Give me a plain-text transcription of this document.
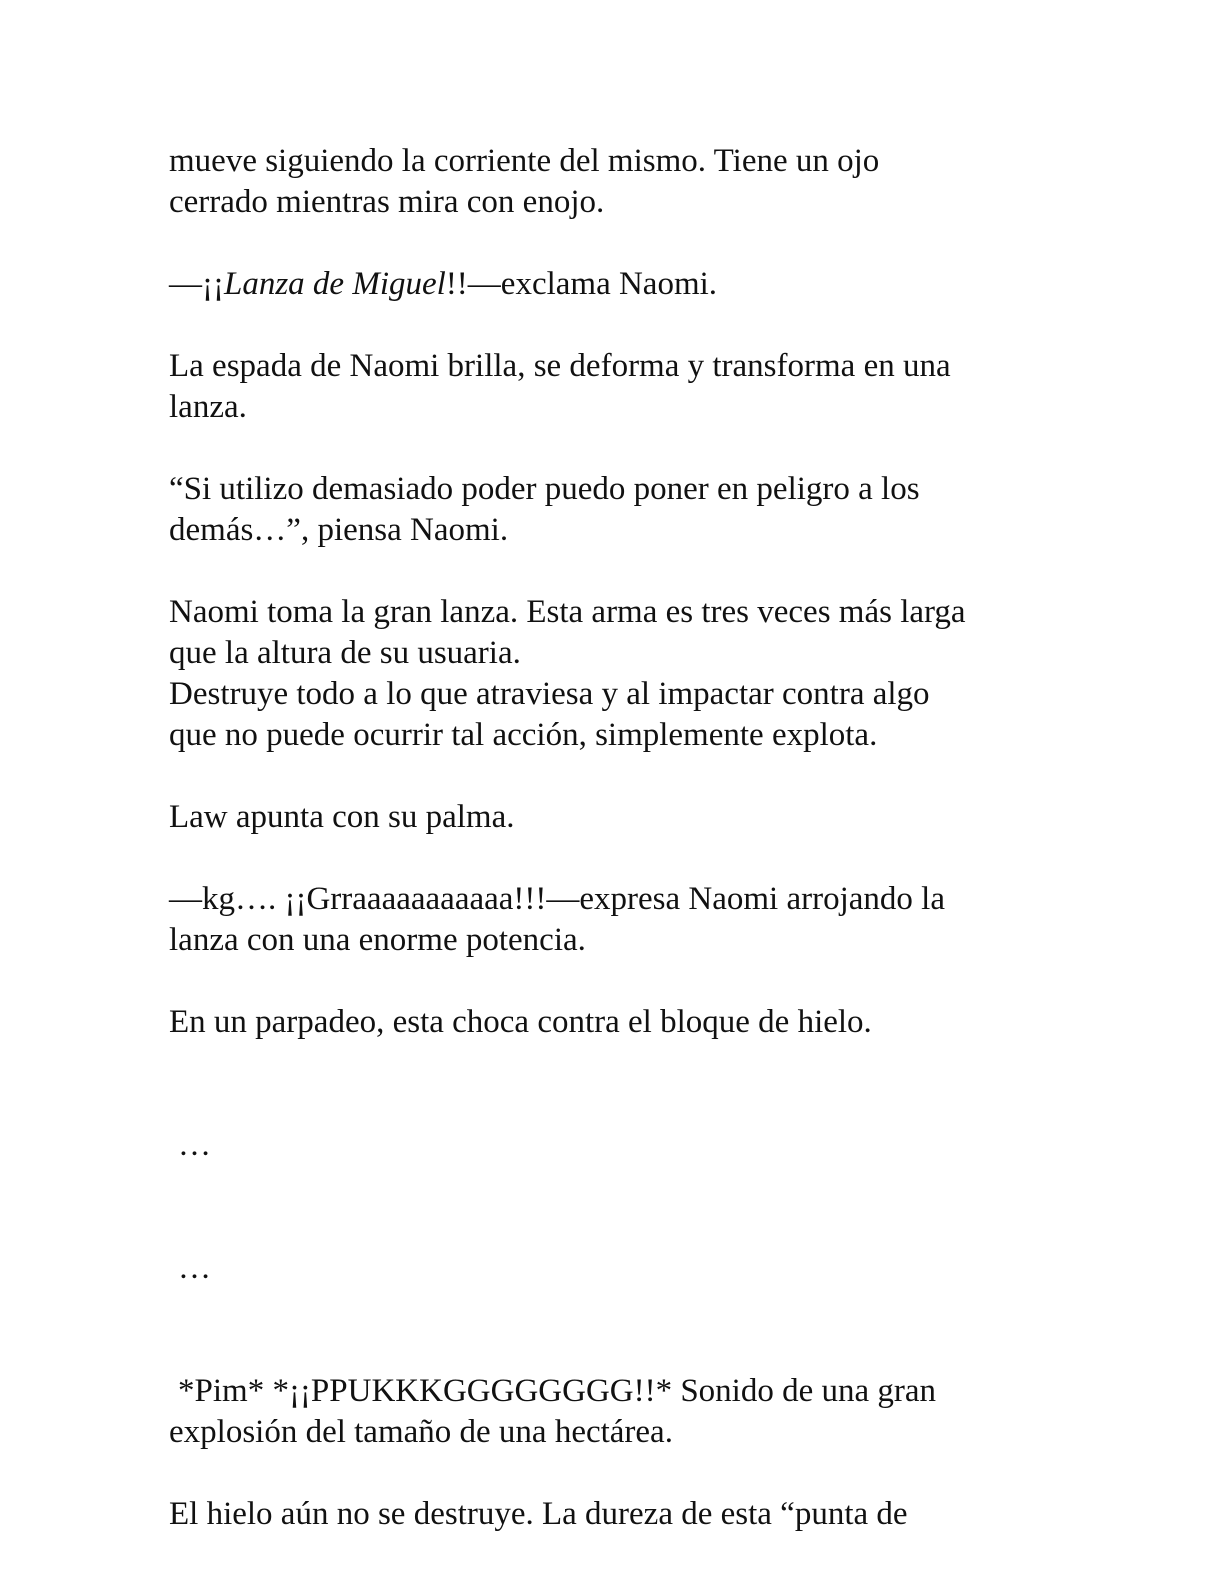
mueve siguiendo la corriente del mismo. Tiene un ojo
cerrado mientras mira con enojo.

—¡¡Lanza de Miguel!!—exclama Naomi.

La espada de Naomi brilla, se deforma y transforma en una
lanza.

“Si utilizo demasiado poder puedo poner en peligro a los
demás…”, piensa Naomi.

Naomi toma la gran lanza. Esta arma es tres veces más larga
que la altura de su usuaria.
Destruye todo a lo que atraviesa y al impactar contra algo
que no puede ocurrir tal acción, simplemente explota.

Law apunta con su palma.

—kg…. ¡¡Grraaaaaaaaaaa!!!—expresa Naomi arrojando la
lanza con una enorme potencia.

En un parpadeo, esta choca contra el bloque de hielo.

…

…

*Pim* *¡¡PPUKKKGGGGGGGG!!* Sonido de una gran
explosión del tamaño de una hectárea.

El hielo aún no se destruye. La dureza de esta “punta de
